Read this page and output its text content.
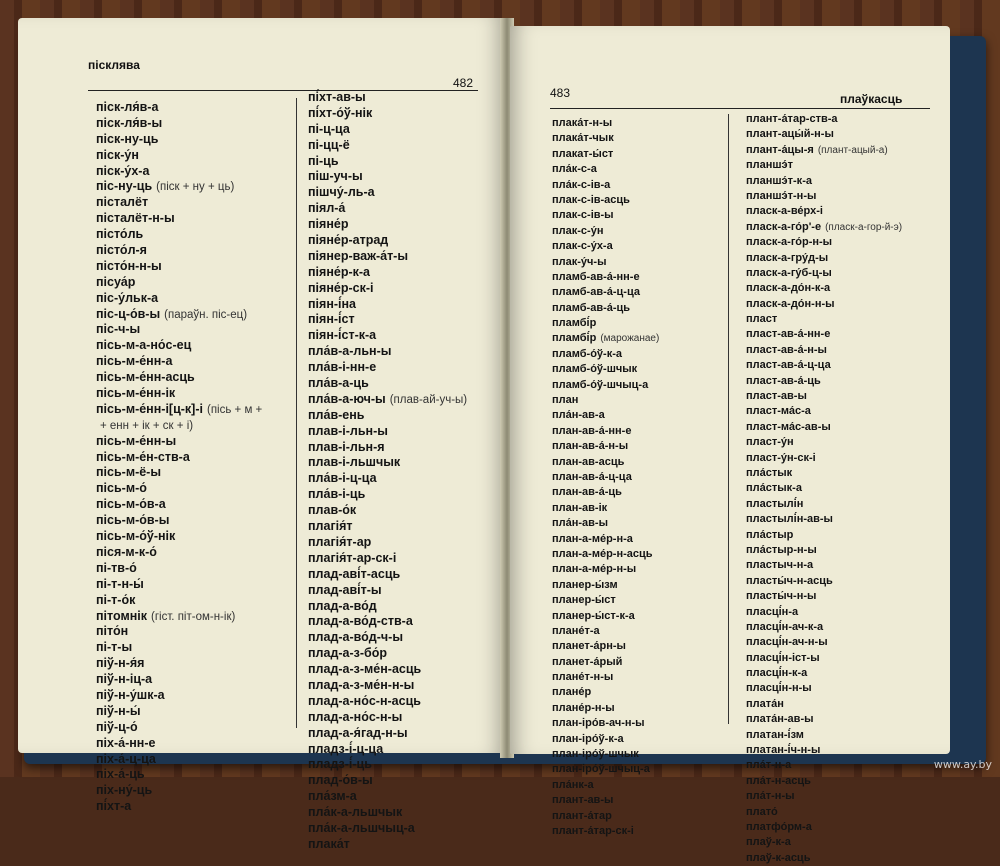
пісклява
482
піск-ля́в-а
піск-ля́в-ы
піск-ну-ць
піск-у́н
піск-у́х-а
піс-ну-ць (піск + ну + ць)
пісталёт
пісталёт-н-ы
пісто́ль
пісто́л-я
пісто́н-н-ы
пісуа́р
піс-у́льк-а
піс-ц-о́в-ы (параўн. піс-ец)
піс-ч-ы
пісь-м-а-но́с-ец
пісь-м-е́нн-а
пісь-м-е́нн-асць
пісь-м-е́нн-ік
пісь-м-е́нн-і[ц-к]-і (пісь + м +
+ енн + ік + ск + і)
пісь-м-е́нн-ы
пісь-м-е́н-ств-а
пісь-м-ё-ы
пісь-м-о́
пісь-м-о́в-а
пісь-м-о́в-ы
пісь-м-о́ў-нік
піся-м-к-о́
пі-тв-о́
пі-т-н-ы́
пі-т-о́к
пітомнік (гіст. піт-ом-н-ік)
піто́н
пі-т-ы
піў-н-я́я
піў-н-іц-а
піў-н-у́шк-а
піў-н-ы́
піў-ц-о́
піх-а́-нн-е
піх-а́-ц-ца
піх-а́-ць
піх-ну́-ць
пі́хт-а
пі́хт-ав-ы
пі́хт-о́ў-нік
пі-ц-ца
пі-цц-ё
пі-ць
піш-уч-ы
пішчу́-ль-а
піял-а́
піяне́р
піяне́р-атрад
піянер-важ-а́т-ы
піяне́р-к-а
піяне́р-ск-і
піян-і́на
піян-і́ст
піян-і́ст-к-а
пла́в-а-льн-ы
пла́в-і-нн-е
пла́в-а-ць
пла́в-а-юч-ы (плав-ай-уч-ы)
пла́в-ень
плав-і-льн-ы
плав-і-льн-я
плав-і-льшчык
пла́в-і-ц-ца
пла́в-і-ць
плав-о́к
плагія́т
плагія́т-ар
плагія́т-ар-ск-і
плад-аві́т-асць
плад-аві́т-ы
плад-а-во́д
плад-а-во́д-ств-а
плад-а-во́д-ч-ы
плад-а-з-бо́р
плад-а-з-ме́н-асць
плад-а-з-ме́н-н-ы
плад-а-но́с-н-асць
плад-а-но́с-н-ы
плад-а-я́гад-н-ы
пладз-і́-ц-ца
пладз-і́-ць
плад-о́в-ы
пла́зм-а
пла́к-а-льшчык
пла́к-а-льшчыц-а
плака́т
483	плаўкасць
плака́т-н-ы
плака́т-чык
плакат-ы́ст
пла́к-с-а
пла́к-с-ів-а
плак-с-ів-асць
плак-с-ів-ы
плак-с-у́н
плак-с-у́х-а
плак-у́ч-ы
пламб-ав-а́-нн-е
пламб-ав-а́-ц-ца
пламб-ав-а́-ць
пламбі́р
пламбі́р (марожанае)
пламб-о́ў-к-а
пламб-о́ў-шчык
пламб-о́ў-шчыц-а
план
пла́н-ав-а
план-ав-а́-нн-е
план-ав-а́-н-ы
план-ав-асць
план-ав-а́-ц-ца
план-ав-а́-ць
план-ав-ік
пла́н-ав-ы
план-а-ме́р-н-а
план-а-ме́р-н-асць
план-а-ме́р-н-ы
планер-ы́зм
планер-ы́ст
планер-ы́ст-к-а
плане́т-а
планет-а́рн-ы
планет-а́рый
плане́т-н-ы
плане́р
плане́р-н-ы
план-іро́в-ач-н-ы
план-іро́ў-к-а
план-іро́ў-шчык
план-іро́ў-шчыц-а
пла́нк-а
плант-ав-ы
плант-а́тар
плант-а́тар-ск-і
плант-а́тар-ств-а
плант-ацы́й-н-ы
плант-а́цы-я (плант-ацый-а)
планшэ́т
планшэ́т-к-а
планшэ́т-н-ы
пласк-а-ве́рх-і
пласк-а-го́р'-е (пласк-а-гор-й-э)
пласк-а-го́р-н-ы
пласк-а-гру́д-ы
пласк-а-гу́б-ц-ы
пласк-а-до́н-к-а
пласк-а-до́н-н-ы
пласт
пласт-ав-а́-нн-е
пласт-ав-а́-н-ы
пласт-ав-а́-ц-ца
пласт-ав-а́-ць
пласт-ав-ы
пласт-ма́с-а
пласт-ма́с-ав-ы
пласт-у́н
пласт-у́н-ск-і
пла́стык
пла́стык-а
пластылі́н
пластылі́н-ав-ы
пла́стыр
пла́стыр-н-ы
пластыч-н-а
пласты́ч-н-асць
пласты́ч-н-ы
пласці́н-а
пласці́н-ач-к-а
пласці́н-ач-н-ы
пласці́н-іст-ы
пласці́н-к-а
пласці́н-н-ы
плата́н
плата́н-ав-ы
платан-і́зм
платан-і́ч-н-ы
пла́т-н-а
пла́т-н-асць
пла́т-н-ы
плато́
платфо́рм-а
плаў-к-а
плаў-к-асць
www.ay.by
